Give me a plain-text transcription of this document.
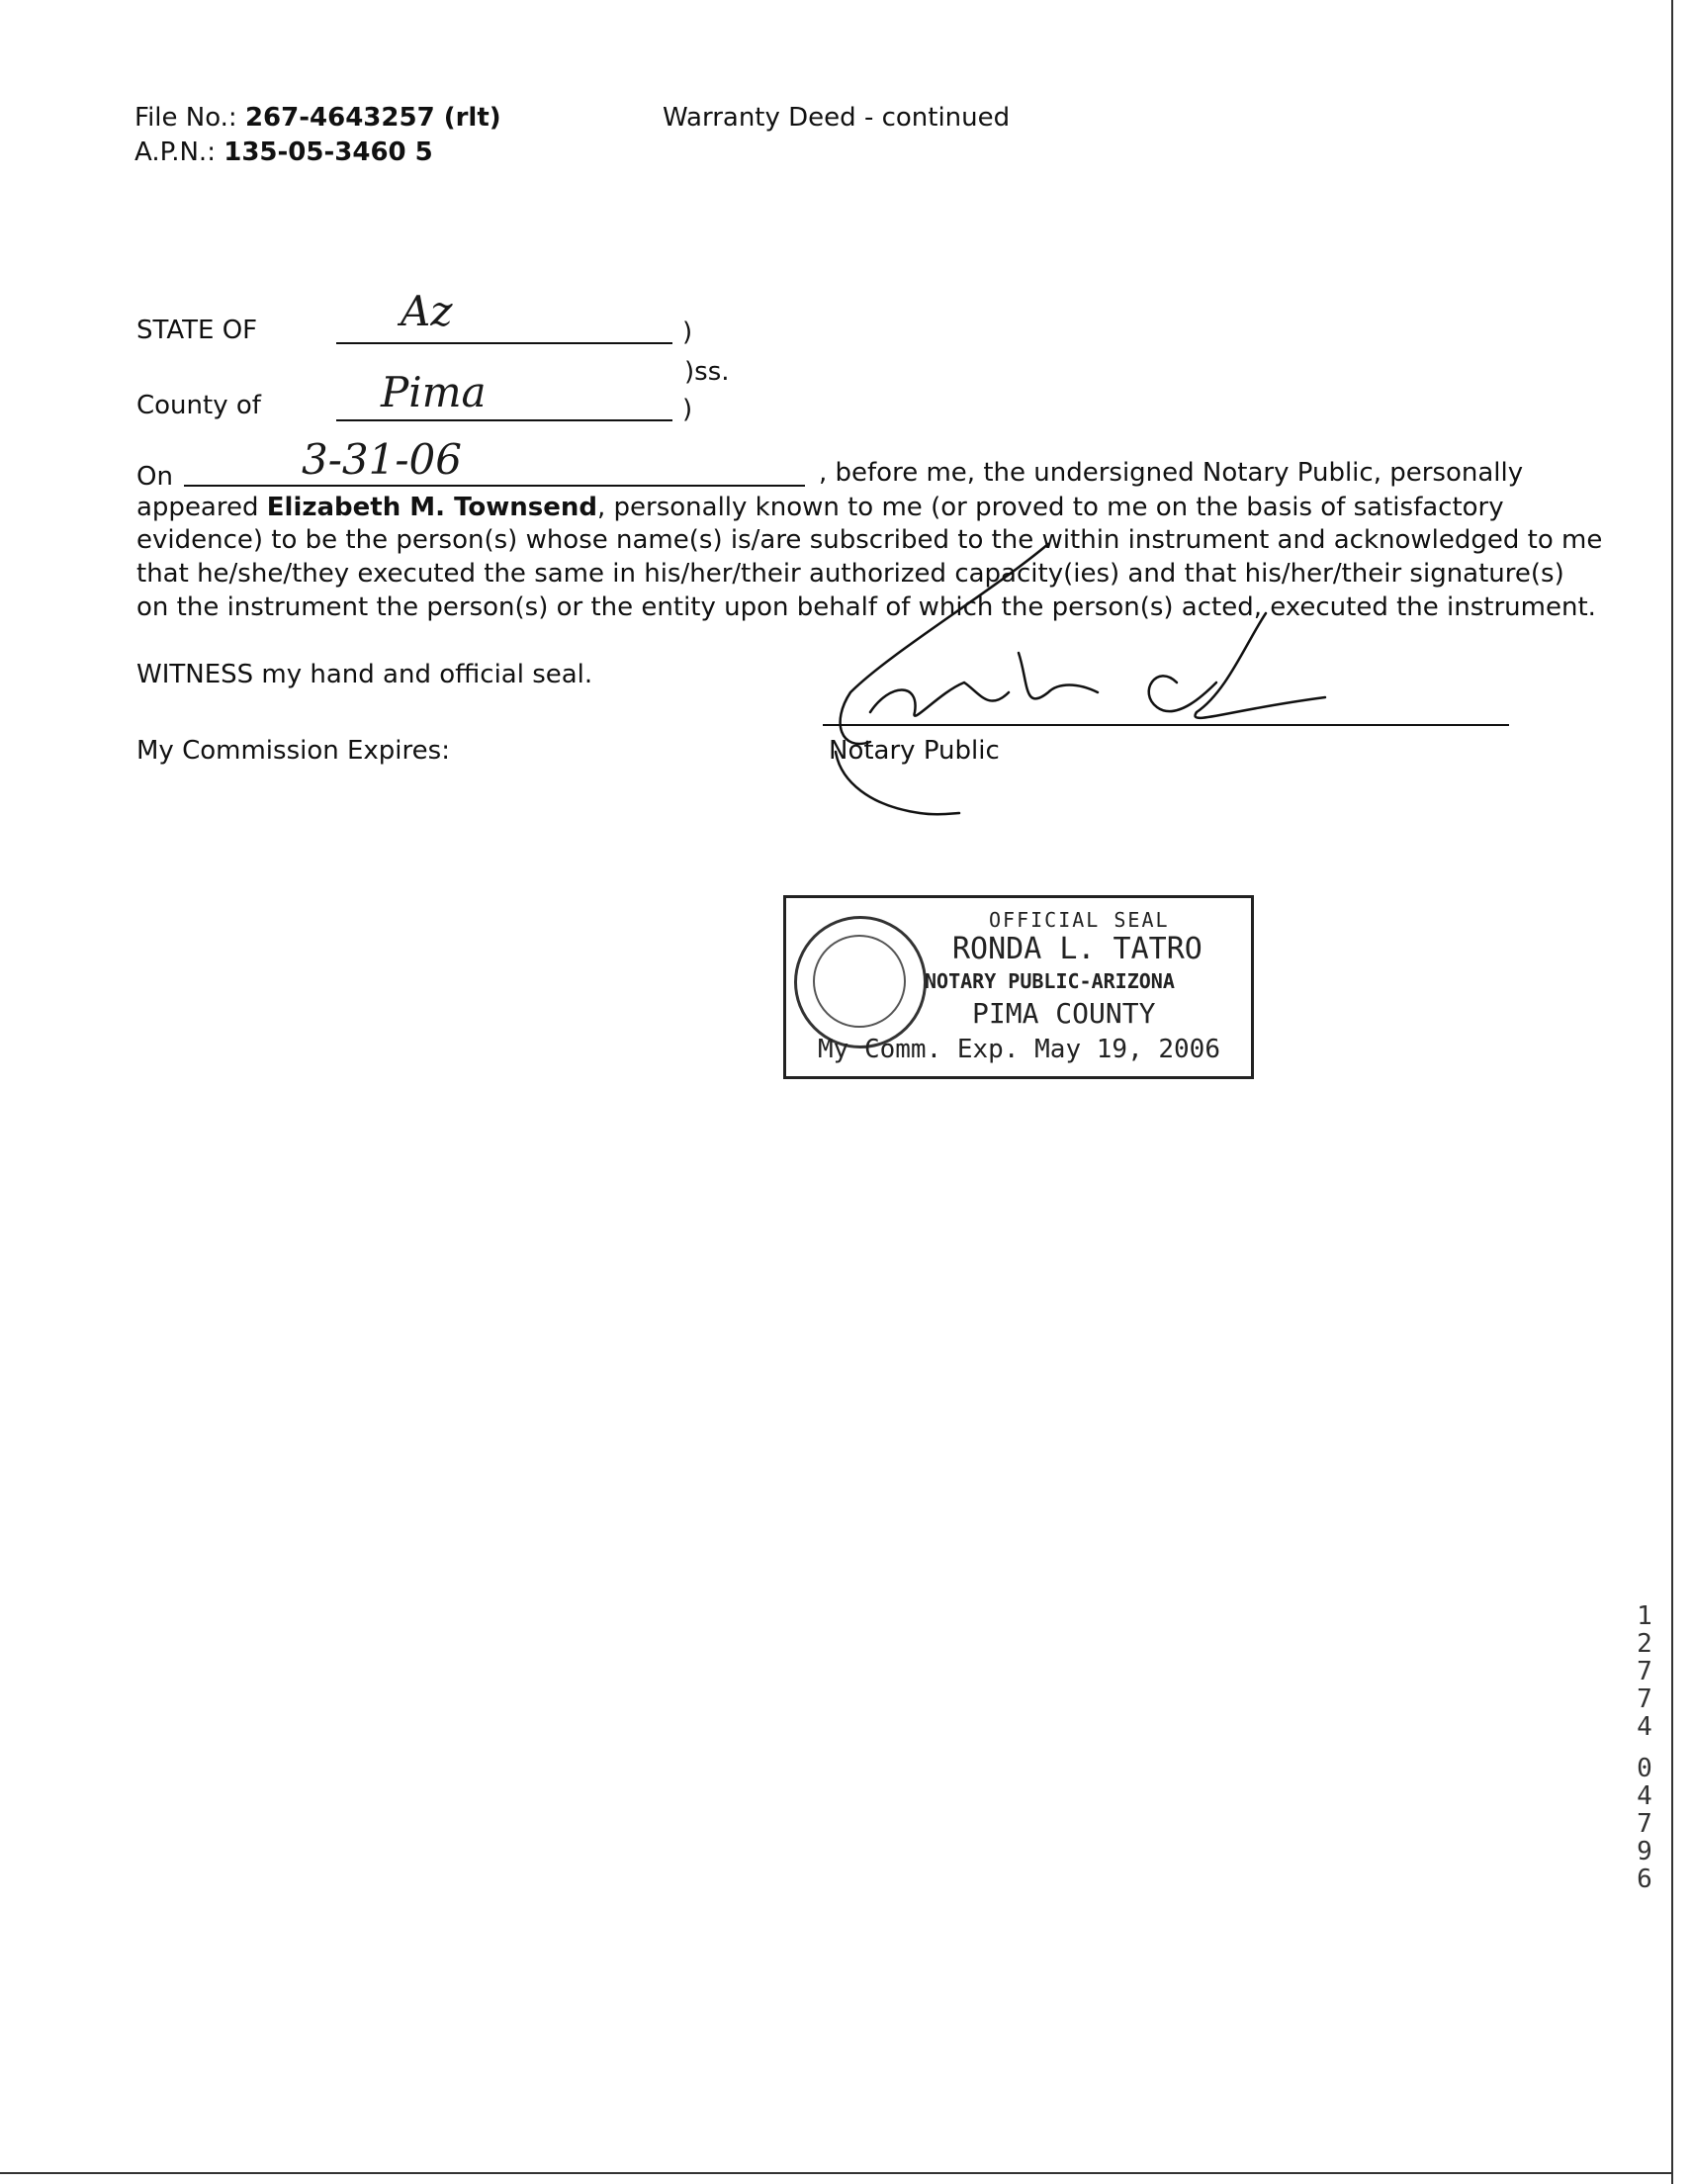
File No.: 267-4643257 (rlt)
A.P.N.: 135-05-3460 5
Warranty Deed - continued
STATE OF	Az	)
)ss.
County of	Pima	)
On	3-31-06	, before me, the undersigned Notary Public, personally
appeared Elizabeth M. Townsend, personally known to me (or proved to me on the basis of satisfactory
evidence) to be the person(s) whose name(s) is/are subscribed to the within instrument and acknowledged to me
that he/she/they executed the same in his/her/their authorized capacity(ies) and that his/her/their signature(s)
on the instrument the person(s) or the entity upon behalf of which the person(s) acted, executed the instrument.
WITNESS my hand and official seal.
My Commission Expires:	Notary Public
OFFICIAL SEAL
RONDA L. TATRO
NOTARY PUBLIC-ARIZONA
PIMA COUNTY
My Comm. Exp. May 19, 2006
1
2
7
7
4
0
4
7
9
6
